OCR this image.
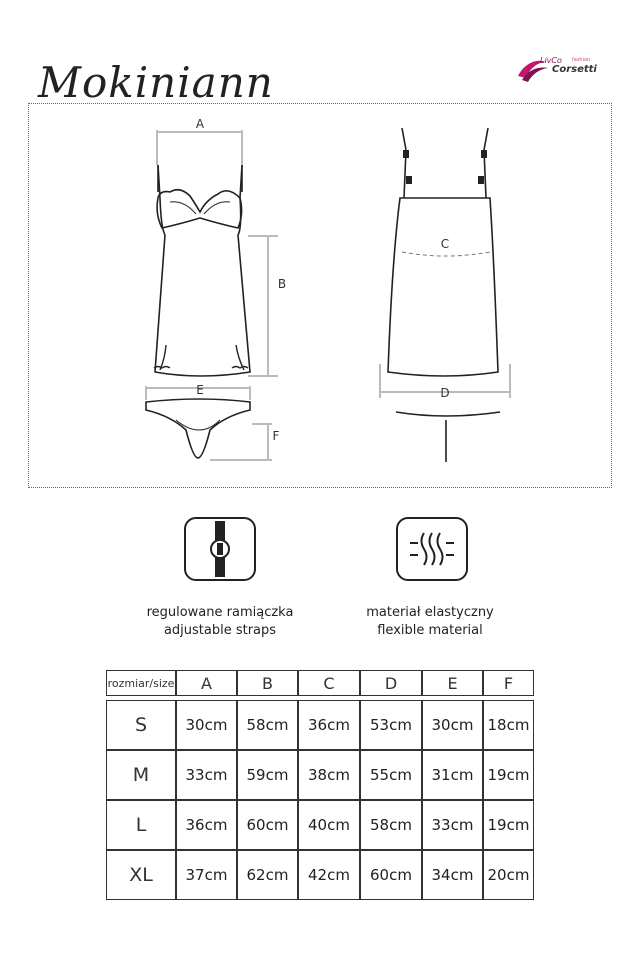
Mokiniann	LivCo fashion
Corsetti
A
B
C
D
E
F
regulowane ramiączka
adjustable straps
materiał elastyczny
flexible material
rozmiar/size	A	B	C	D	E	F

S	30cm	58cm	36cm	53cm	30cm	18cm
M	33cm	59cm	38cm	55cm	31cm	19cm
L	36cm	60cm	40cm	58cm	33cm	19cm
XL	37cm	62cm	42cm	60cm	34cm	20cm
